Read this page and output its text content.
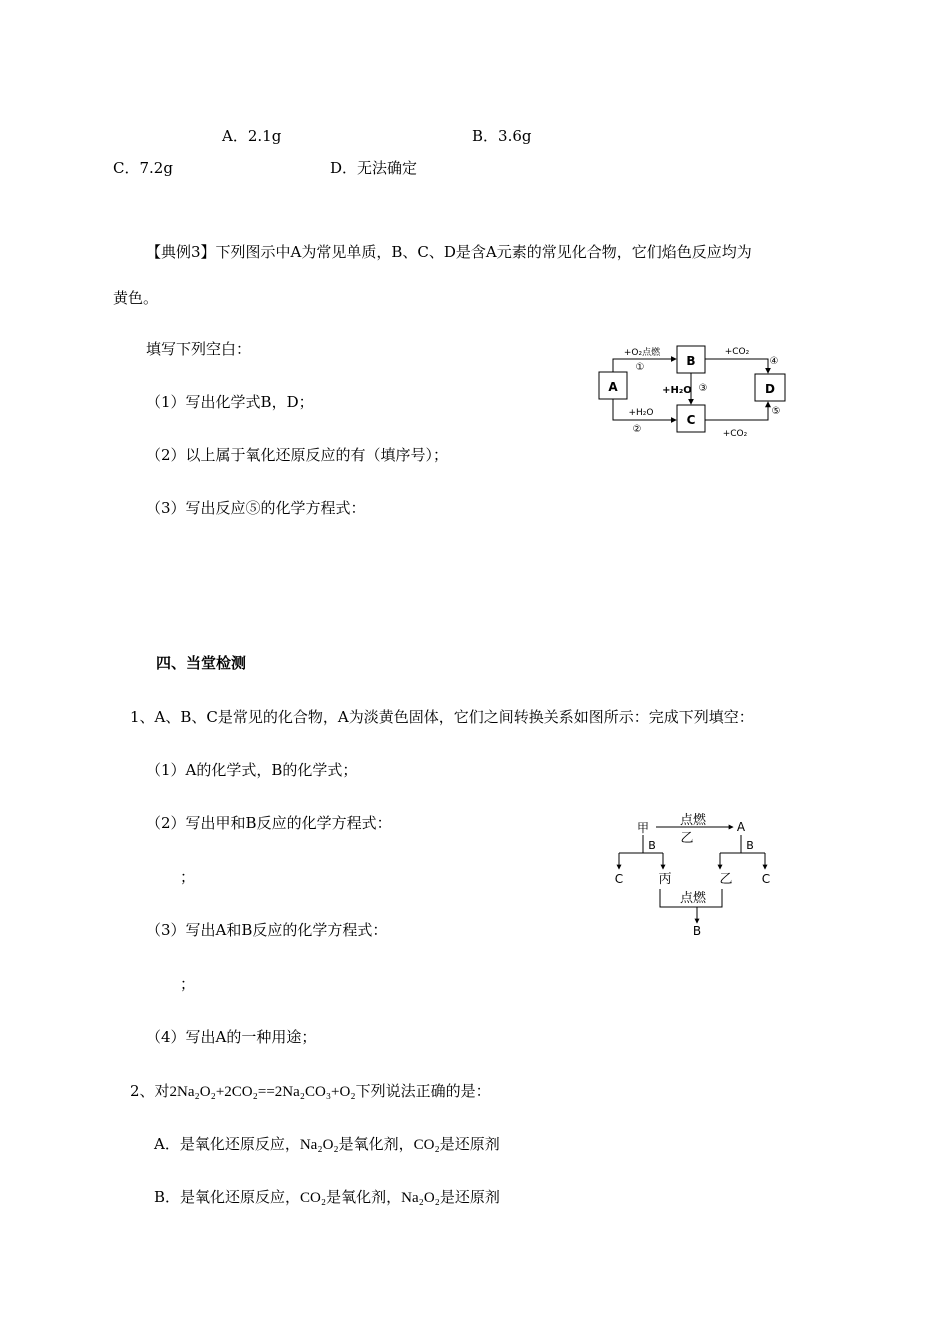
A．2.1g	B．3.6g
C．7.2g	D．无法确定
【典例3】下列图示中A为常见单质，B、C、D是含A元素的常见化合物，它们焰色反应均为
黄色。
填写下列空白：
（1）写出化学式B，D；
（2）以上属于氧化还原反应的有（填序号）；
（3）写出反应⑤的化学方程式：
A
B
C
D
+O₂点燃
①
+H₂O
②
+H₂O ③
+CO₂
④
+CO₂
⑤
四、当堂检测
1、A、B、C是常见的化合物，A为淡黄色固体，它们之间转换关系如图所示：完成下列填空：
（1）A的化学式，B的化学式；
（2）写出甲和B反应的化学方程式：
；
（3）写出A和B反应的化学方程式：
；
（4）写出A的一种用途；
甲 点燃
乙
A
B
C	丙
B
乙 C
点燃
B
2、对2Na₂O₂+2CO₂==2Na₂CO₃+O₂下列说法正确的是：
A．是氧化还原反应，Na₂O₂是氧化剂，CO₂是还原剂
B．是氧化还原反应，CO₂是氧化剂，Na₂O₂是还原剂
